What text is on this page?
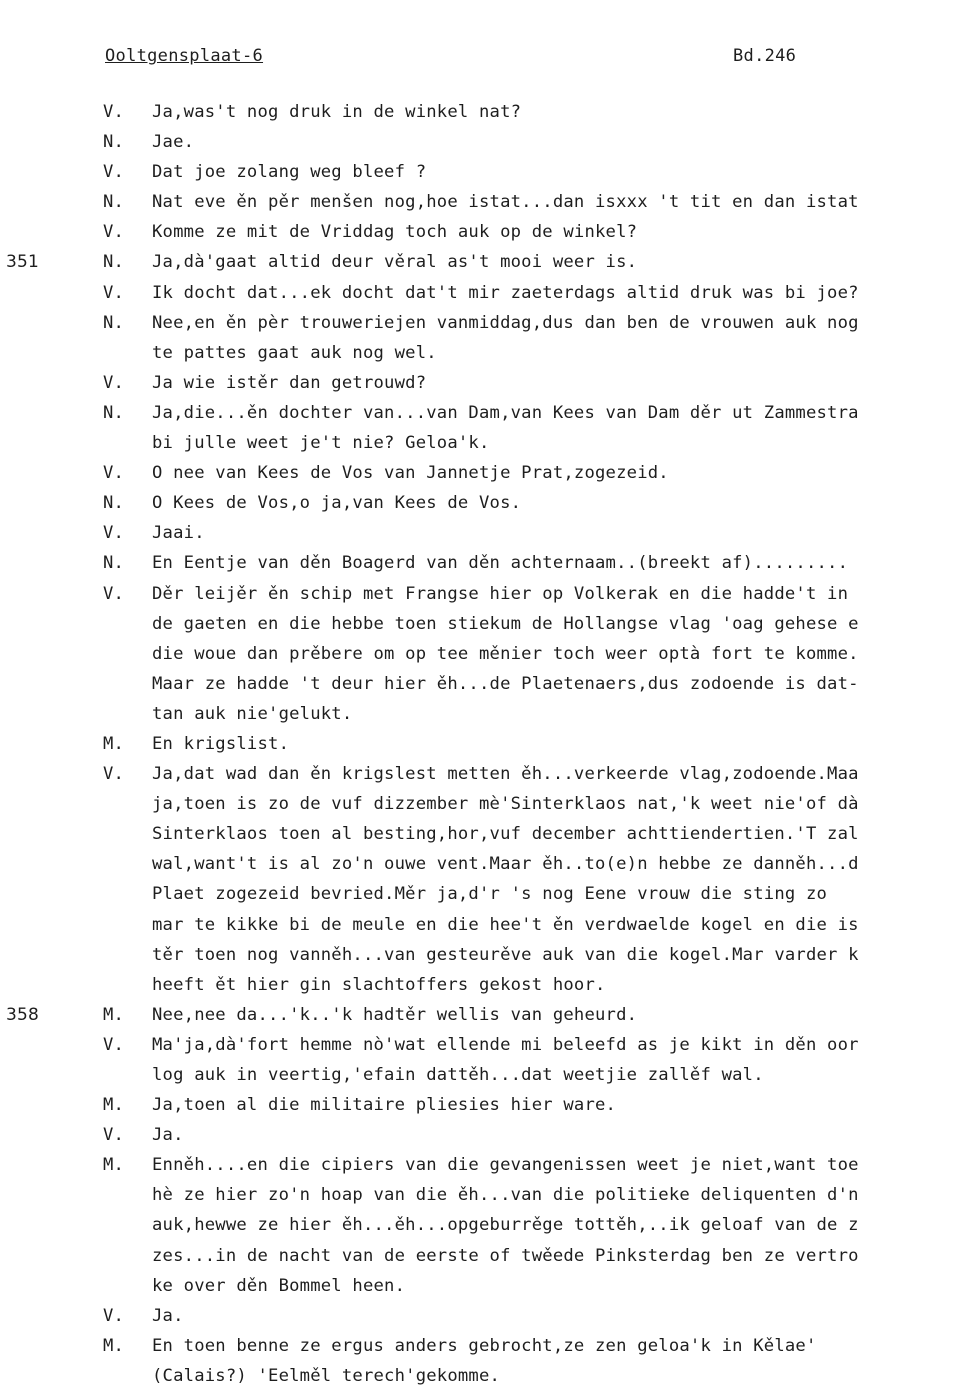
Ooltgensplaat-6	Bd.246
V.	Ja,was't nog druk in de winkel nat?
N.	Jae.
V.	Dat joe zolang weg bleef ?
N.	Nat eve ěn pěr menšen nog,hoe istat...dan isxxx 't tit en dan istat
V.	Komme ze mit de Vriddag toch auk op de winkel?
351	N.	Ja,dà'gaat altid deur věral as't mooi weer is.
V.	Ik docht dat...ek docht dat't mir zaeterdags altid druk was bi joe?
N.	Nee,en ěn pèr trouweriejen vanmiddag,dus dan ben de vrouwen auk nog
te pattes gaat auk nog wel.
V.	Ja wie istěr dan getrouwd?
N.	Ja,die...ěn dochter van...van Dam,van Kees van Dam děr ut Zammestra
bi julle weet je't nie? Geloa'k.
V.	O nee van Kees de Vos van Jannetje Prat,zogezeid.
N.	O Kees de Vos,o ja,van Kees de Vos.
V.	Jaai.
N.	En Eentje van děn Boagerd van děn achternaam..(breekt af).........
V.	Děr leijěr ěn schip met Frangse hier op Volkerak en die hadde't in
de gaeten en die hebbe toen stiekum de Hollangse vlag 'oag gehese e
die woue dan prěbere om op tee měnier toch weer optà fort te komme.
Maar ze hadde 't deur hier ěh...de Plaetenaers,dus zodoende is dat-
tan auk nie'gelukt.
M.	En krigslist.
V.	Ja,dat wad dan ěn krigslest metten ěh...verkeerde vlag,zodoende.Maa
ja,toen is zo de vuf dizzember mè'Sinterklaos nat,'k weet nie'of dà
Sinterklaos toen al besting,hor,vuf december achttiendertien.'T zal
wal,want't is al zo'n ouwe vent.Maar ěh..to(e)n hebbe ze danněh...d
Plaet zogezeid bevried.Měr ja,d'r 's nog Eene vrouw die sting zo
mar te kikke bi de meule en die hee't ěn verdwaelde kogel en die is
těr toen nog vanněh...van gesteurěve auk van die kogel.Mar varder k
heeft ět hier gin slachtoffers gekost hoor.
358	M.	Nee,nee da...'k..'k hadtěr wellis van geheurd.
V.	Ma'ja,dà'fort hemme nò'wat ellende mi beleefd as je kikt in děn oor
log auk in veertig,'efain dattěh...dat weetjie zallěf wal.
M.	Ja,toen al die militaire pliesies hier ware.
V.	Ja.
M.	Enněh....en die cipiers van die gevangenissen weet je niet,want toe
hè ze hier zo'n hoap van die ěh...van die politieke deliquenten d'n
auk,hewwe ze hier ěh...ěh...opgeburrěge tottěh,..ik geloaf van de z
zes...in de nacht van de eerste of twěede Pinksterdag ben ze vertro
ke over děn Bommel heen.
V.	Ja.
M.	En toen benne ze ergus anders gebrocht,ze zen geloa'k in Kělae'
(Calais?) 'Eelměl terech'gekomme.
